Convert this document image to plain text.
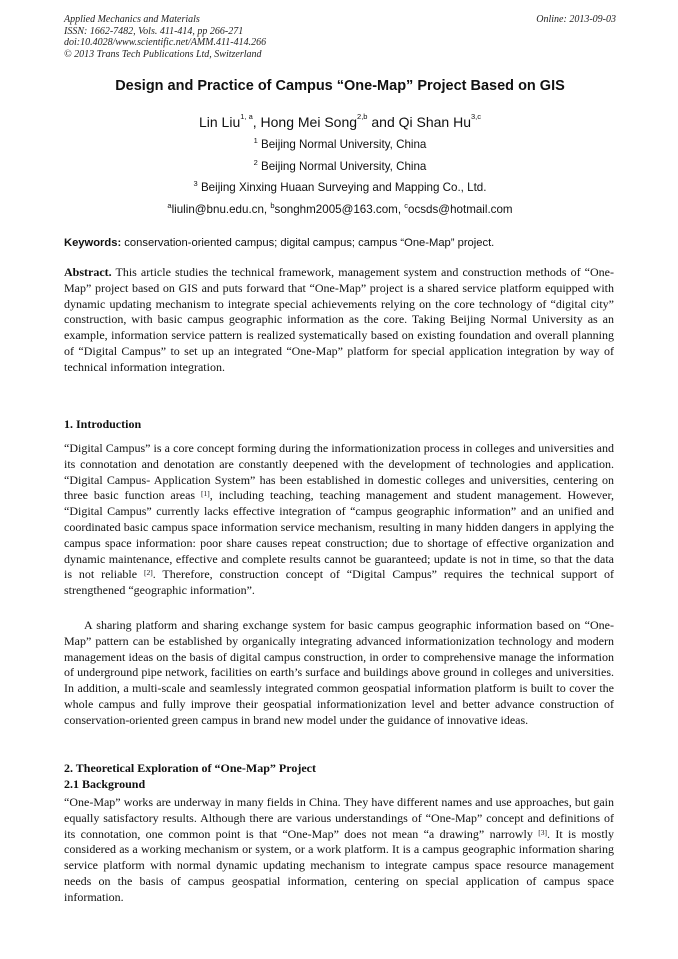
Applied Mechanics and Materials
ISSN: 1662-7482, Vols. 411-414, pp 266-271
doi:10.4028/www.scientific.net/AMM.411-414.266
© 2013 Trans Tech Publications Ltd, Switzerland
Online: 2013-09-03
Design and Practice of Campus “One-Map” Project Based on GIS
Lin Liu$^{1, a}$, Hong Mei Song$^{2,b}$ and Qi Shan Hu$^{3,c}$
$^1$ Beijing Normal University, China
$^2$ Beijing Normal University, China
$^3$ Beijing Xinxing Huaan Surveying and Mapping Co., Ltd.
$^a$liulin@bnu.edu.cn, $^b$songhm2005@163.com, $^c$ocsds@hotmail.com
Keywords: conservation-oriented campus; digital campus; campus “One-Map” project.
Abstract. This article studies the technical framework, management system and construction methods of “One-Map” project based on GIS and puts forward that “One-Map” project is a shared service platform equipped with dynamic updating mechanism to integrate special achievements relying on the core technology of “digital city” construction, with basic campus geographic information as the core. Taking Beijing Normal University as an example, information service pattern is realized systematically based on existing foundation and overall planning of “Digital Campus” to set up an integrated “One-Map” platform for special application integration by way of technical information integration.
1. Introduction
“Digital Campus” is a core concept forming during the informationization process in colleges and universities and its connotation and denotation are constantly deepened with the development of technologies and application. “Digital Campus- Application System” has been established in domestic colleges and universities, centering on three basic function areas [1], including teaching, teaching management and student management. However, “Digital Campus” currently lacks effective integration of “campus geographic information” and an unified and coordinated basic campus space information service mechanism, resulting in many hidden dangers in applying the campus space information: poor share causes repeat construction; due to shortage of effective organization and dynamic maintenance, effective and complete results cannot be guaranteed; update is not in time, so that the data is not reliable [2]. Therefore, construction concept of “Digital Campus” requires the technical support of strengthened “geographic information”.
A sharing platform and sharing exchange system for basic campus geographic information based on “One-Map” pattern can be established by organically integrating advanced informationization technology and modern management ideas on the basis of digital campus construction, in order to comprehensive manage the information of underground pipe network, facilities on earth’s surface and buildings above ground in colleges and universities. In addition, a multi-scale and seamlessly integrated common geospatial information platform is built to cover the whole campus and fully improve their geospatial informationization level and better advance construction of conservation-oriented green campus in brand new model under the guidance of innovative ideas.
2. Theoretical Exploration of “One-Map” Project
2.1 Background
“One-Map” works are underway in many fields in China. They have different names and use approaches, but gain equally satisfactory results. Although there are various understandings of “One-Map” concept and definitions of its connotation, one common point is that “One-Map” does not mean “a drawing” narrowly [3]. It is mostly considered as a working mechanism or system, or a work platform. It is a campus geographic information sharing service platform with normal dynamic updating mechanism to integrate campus space resource management needs on the basis of campus geospatial information, centering on special application of campus space information.
